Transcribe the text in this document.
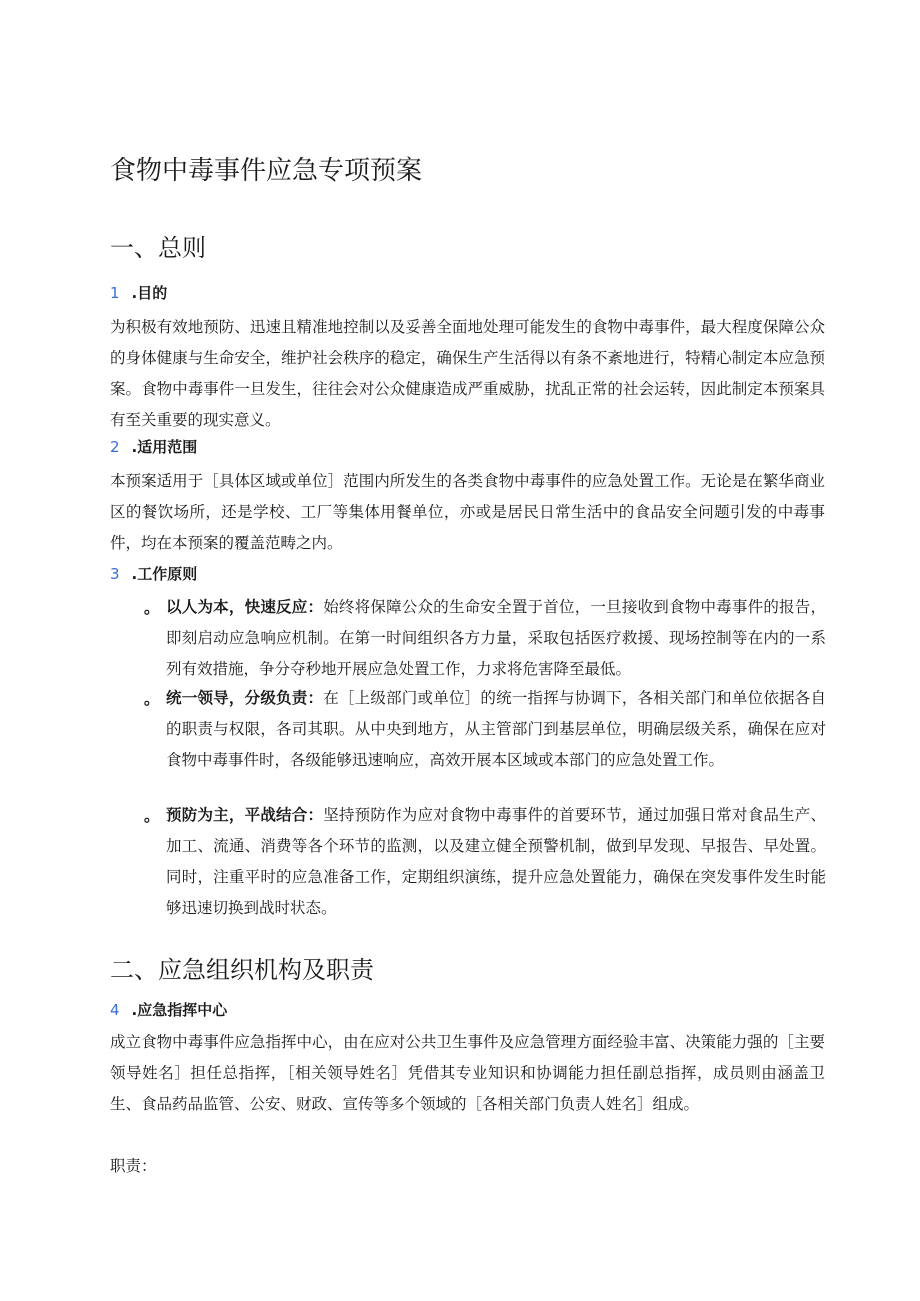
食物中毒事件应急专项预案
一、总则
1 .目的

为积极有效地预防、迅速且精准地控制以及妥善全面地处理可能发生的食物中毒事件，最大程度保障公众的身体健康与生命安全，维护社会秩序的稳定，确保生产生活得以有条不紊地进行，特精心制定本应急预案。食物中毒事件一旦发生，往往会对公众健康造成严重威胁，扰乱正常的社会运转，因此制定本预案具有至关重要的现实意义。

2 .适用范围

本预案适用于［具体区域或单位］范围内所发生的各类食物中毒事件的应急处置工作。无论是在繁华商业区的餐饮场所，还是学校、工厂等集体用餐单位，亦或是居民日常生活中的食品安全问题引发的中毒事件，均在本预案的覆盖范畴之内。

3 .工作原则
。 以人为本，快速反应：始终将保障公众的生命安全置于首位，一旦接收到食物中毒事件的报告，即刻启动应急响应机制。在第一时间组织各方力量，采取包括医疗救援、现场控制等在内的一系列有效措施，争分夺秒地开展应急处置工作，力求将危害降至最低。
。 统一领导，分级负责：在［上级部门或单位］的统一指挥与协调下，各相关部门和单位依据各自的职责与权限，各司其职。从中央到地方，从主管部门到基层单位，明确层级关系，确保在应对食物中毒事件时，各级能够迅速响应，高效开展本区域或本部门的应急处置工作。
。 预防为主，平战结合：坚持预防作为应对食物中毒事件的首要环节，通过加强日常对食品生产、加工、流通、消费等各个环节的监测，以及建立健全预警机制，做到早发现、早报告、早处置。同时，注重平时的应急准备工作，定期组织演练，提升应急处置能力，确保在突发事件发生时能够迅速切换到战时状态。
二、应急组织机构及职责
4 .应急指挥中心

成立食物中毒事件应急指挥中心，由在应对公共卫生事件及应急管理方面经验丰富、决策能力强的［主要领导姓名］担任总指挥，［相关领导姓名］凭借其专业知识和协调能力担任副总指挥，成员则由涵盖卫生、食品药品监管、公安、财政、宣传等多个领域的［各相关部门负责人姓名］组成。

职责：
